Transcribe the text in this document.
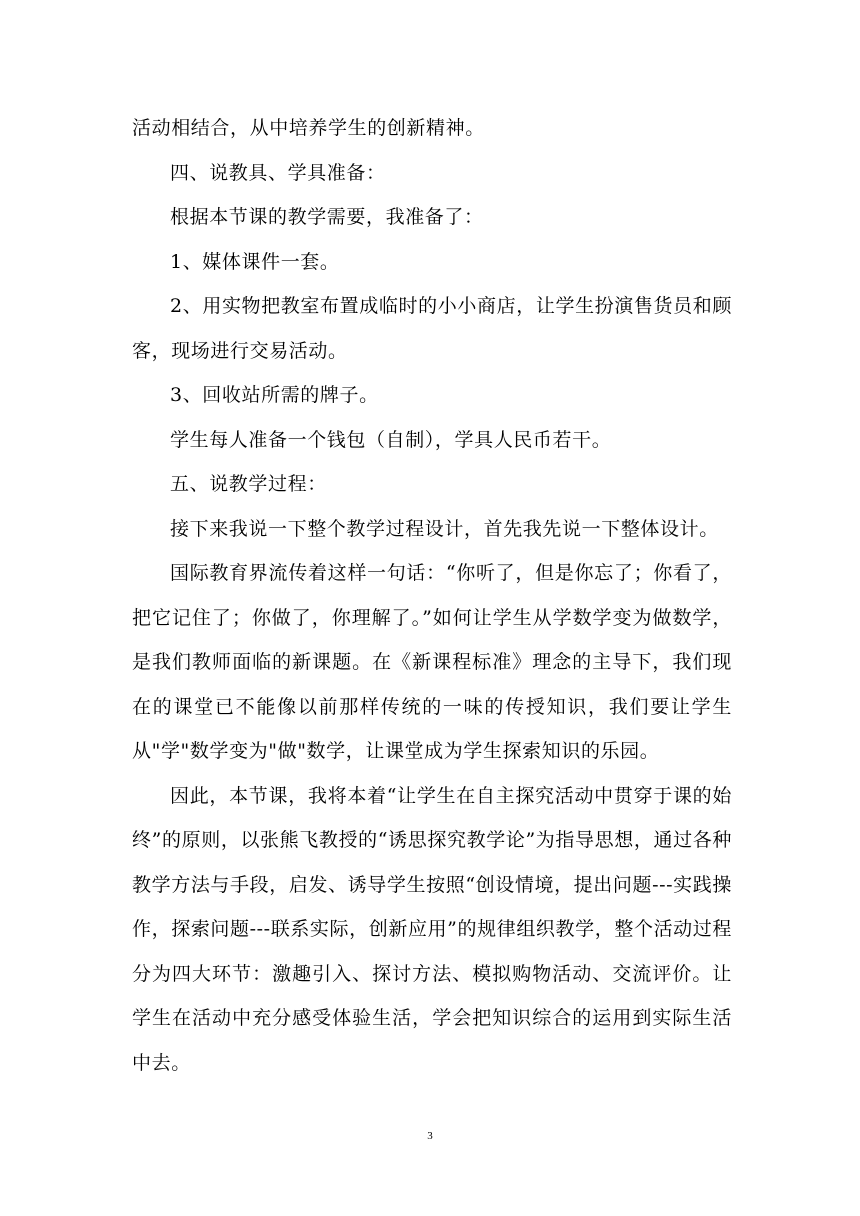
活动相结合，从中培养学生的创新精神。

四、说教具、学具准备：

根据本节课的教学需要，我准备了：

1、媒体课件一套。

2、用实物把教室布置成临时的小小商店，让学生扮演售货员和顾客，现场进行交易活动。

3、回收站所需的牌子。

学生每人准备一个钱包（自制），学具人民币若干。

五、说教学过程：

接下来我说一下整个教学过程设计，首先我先说一下整体设计。

国际教育界流传着这样一句话：“你听了，但是你忘了；你看了，把它记住了；你做了，你理解了。”如何让学生从学数学变为做数学，是我们教师面临的新课题。在《新课程标准》理念的主导下，我们现在的课堂已不能像以前那样传统的一味的传授知识，我们要让学生从"学"数学变为"做"数学，让课堂成为学生探索知识的乐园。

因此，本节课，我将本着“让学生在自主探究活动中贯穿于课的始终”的原则，以张熊飞教授的“诱思探究教学论”为指导思想，通过各种教学方法与手段，启发、诱导学生按照“创设情境，提出问题---实践操作，探索问题---联系实际，创新应用”的规律组织教学，整个活动过程分为四大环节：激趣引入、探讨方法、模拟购物活动、交流评价。让学生在活动中充分感受体验生活，学会把知识综合的运用到实际生活中去。

3
